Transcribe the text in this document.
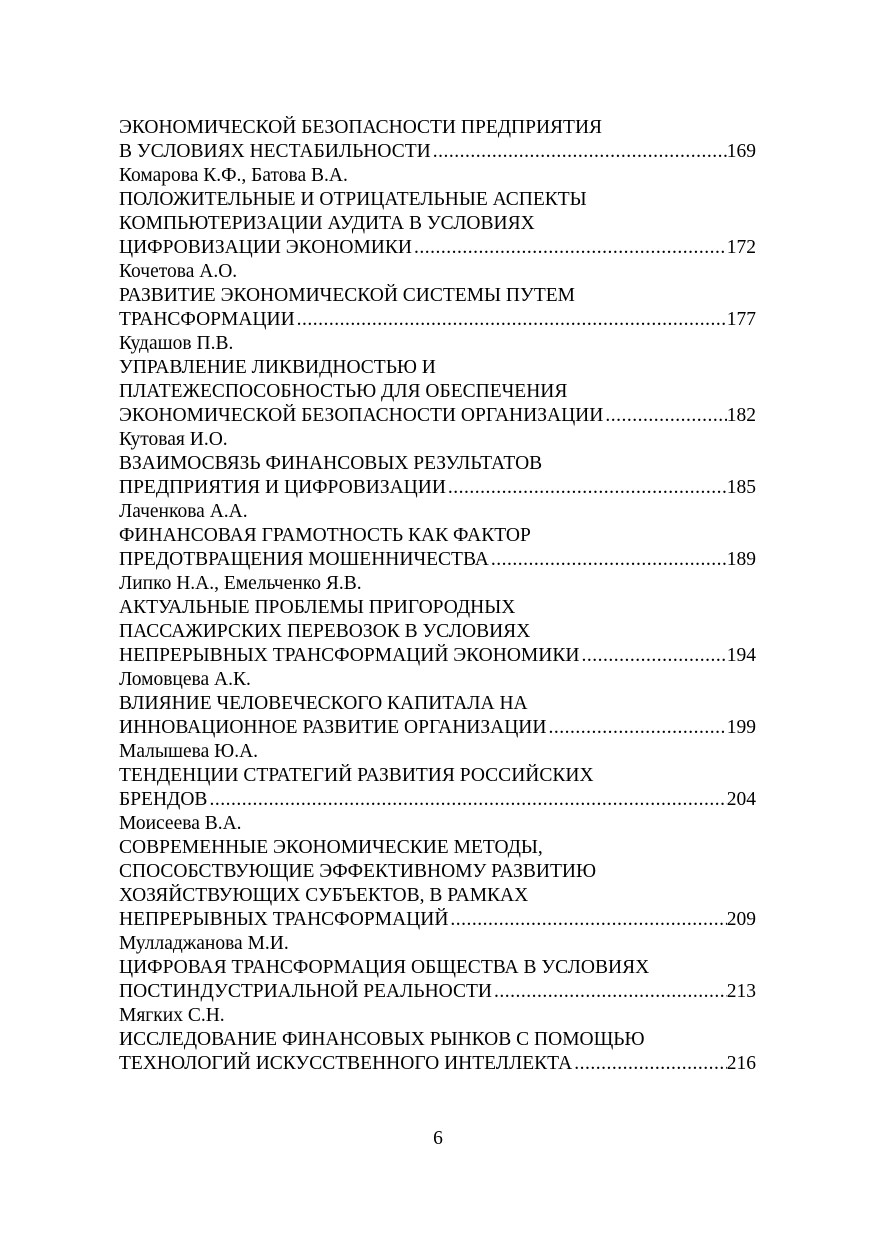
ЭКОНОМИЧЕСКОЙ БЕЗОПАСНОСТИ ПРЕДПРИЯТИЯ
В УСЛОВИЯХ НЕСТАБИЛЬНОСТИ .....	169
Комарова К.Ф., Батова В.А.
ПОЛОЖИТЕЛЬНЫЕ И ОТРИЦАТЕЛЬНЫЕ АСПЕКТЫ
КОМПЬЮТЕРИЗАЦИИ АУДИТА В УСЛОВИЯХ
ЦИФРОВИЗАЦИИ ЭКОНОМИКИ .....	172
Кочетова А.О.
РАЗВИТИЕ ЭКОНОМИЧЕСКОЙ СИСТЕМЫ ПУТЕМ
ТРАНСФОРМАЦИИ .....	177
Кудашов П.В.
УПРАВЛЕНИЕ ЛИКВИДНОСТЬЮ И
ПЛАТЕЖЕСПОСОБНОСТЬЮ ДЛЯ ОБЕСПЕЧЕНИЯ
ЭКОНОМИЧЕСКОЙ БЕЗОПАСНОСТИ ОРГАНИЗАЦИИ .....	182
Кутовая И.О.
ВЗАИМОСВЯЗЬ ФИНАНСОВЫХ РЕЗУЛЬТАТОВ
ПРЕДПРИЯТИЯ И ЦИФРОВИЗАЦИИ .....	185
Лаченкова А.А.
ФИНАНСОВАЯ ГРАМОТНОСТЬ КАК ФАКТОР
ПРЕДОТВРАЩЕНИЯ МОШЕННИЧЕСТВА .....	189
Липко Н.А., Емельченко Я.В.
АКТУАЛЬНЫЕ ПРОБЛЕМЫ ПРИГОРОДНЫХ
ПАССАЖИРСКИХ ПЕРЕВОЗОК В УСЛОВИЯХ
НЕПРЕРЫВНЫХ ТРАНСФОРМАЦИЙ ЭКОНОМИКИ .....	194
Ломовцева А.К.
ВЛИЯНИЕ ЧЕЛОВЕЧЕСКОГО КАПИТАЛА НА
ИННОВАЦИОННОЕ РАЗВИТИЕ ОРГАНИЗАЦИИ .....	199
Малышева Ю.А.
ТЕНДЕНЦИИ СТРАТЕГИЙ РАЗВИТИЯ РОССИЙСКИХ
БРЕНДОВ .....	204
Моисеева В.А.
СОВРЕМЕННЫЕ ЭКОНОМИЧЕСКИЕ МЕТОДЫ,
СПОСОБСТВУЮЩИЕ ЭФФЕКТИВНОМУ РАЗВИТИЮ
ХОЗЯЙСТВУЮЩИХ СУБЪЕКТОВ, В РАМКАХ
НЕПРЕРЫВНЫХ ТРАНСФОРМАЦИЙ .....	209
Мулладжанова М.И.
ЦИФРОВАЯ ТРАНСФОРМАЦИЯ ОБЩЕСТВА В УСЛОВИЯХ
ПОСТИНДУСТРИАЛЬНОЙ РЕАЛЬНОСТИ .....	213
Мягких С.Н.
ИССЛЕДОВАНИЕ ФИНАНСОВЫХ РЫНКОВ С ПОМОЩЬЮ
ТЕХНОЛОГИЙ ИСКУССТВЕННОГО ИНТЕЛЛЕКТА .....	216
6
